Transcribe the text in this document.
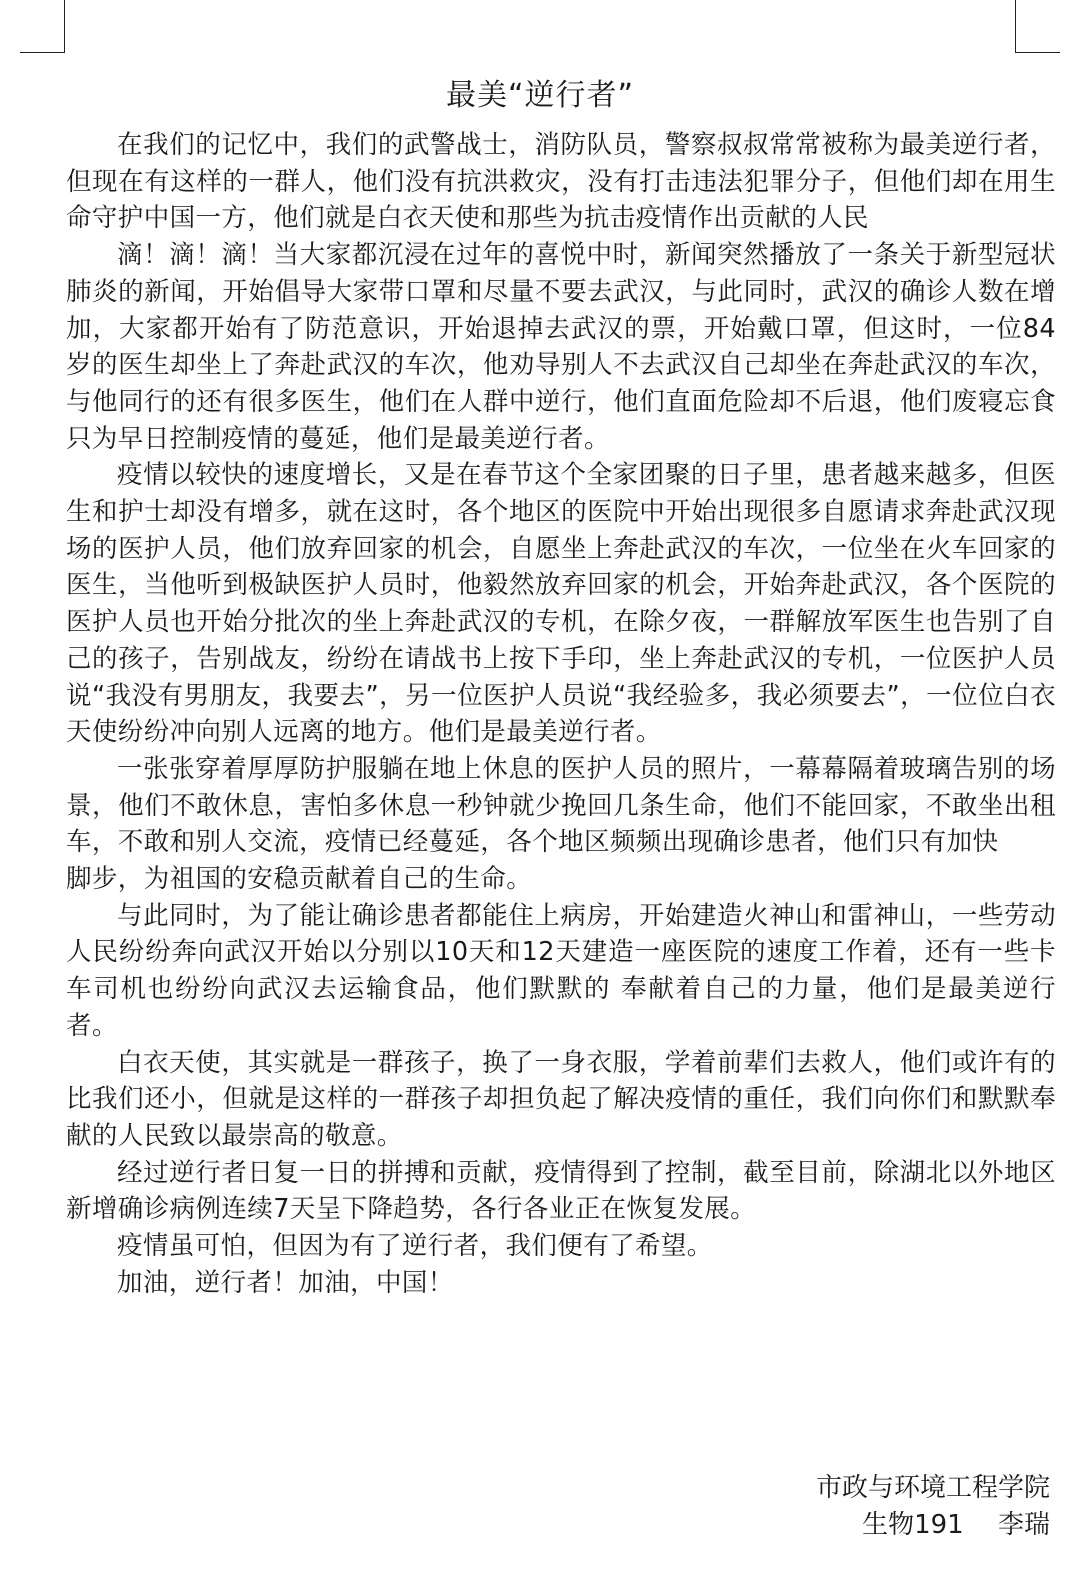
最美“逆行者”

在我们的记忆中，我们的武警战士，消防队员，警察叔叔常常被称为最美逆行者，但现在有这样的一群人，他们没有抗洪救灾，没有打击违法犯罪分子，但他们却在用生命守护中国一方，他们就是白衣天使和那些为抗击疫情作出贡献的人民

滴！滴！滴！当大家都沉浸在过年的喜悦中时，新闻突然播放了一条关于新型冠状肺炎的新闻，开始倡导大家带口罩和尽量不要去武汉，与此同时，武汉的确诊人数在增加，大家都开始有了防范意识，开始退掉去武汉的票，开始戴口罩，但这时，一位84岁的医生却坐上了奔赴武汉的车次，他劝导别人不去武汉自己却坐在奔赴武汉的车次，与他同行的还有很多医生，他们在人群中逆行，他们直面危险却不后退，他们废寝忘食只为早日控制疫情的蔓延，他们是最美逆行者。

疫情以较快的速度增长，又是在春节这个全家团聚的日子里，患者越来越多，但医生和护士却没有增多，就在这时，各个地区的医院中开始出现很多自愿请求奔赴武汉现场的医护人员，他们放弃回家的机会，自愿坐上奔赴武汉的车次，一位坐在火车回家的医生，当他听到极缺医护人员时，他毅然放弃回家的机会，开始奔赴武汉，各个医院的医护人员也开始分批次的坐上奔赴武汉的专机，在除夕夜，一群解放军医生也告别了自己的孩子，告别战友，纷纷在请战书上按下手印，坐上奔赴武汉的专机，一位医护人员说“我没有男朋友，我要去”，另一位医护人员说“我经验多，我必须要去”，一位位白衣天使纷纷冲向别人远离的地方。他们是最美逆行者。

一张张穿着厚厚防护服躺在地上休息的医护人员的照片，一幕幕隔着玻璃告别的场景，他们不敢休息，害怕多休息一秒钟就少挽回几条生命，他们不能回家，不敢坐出租车，不敢和别人交流，疫情已经蔓延，各个地区频频出现确诊患者，他们只有加快

脚步，为祖国的安稳贡献着自己的生命。

与此同时，为了能让确诊患者都能住上病房，开始建造火神山和雷神山，一些劳动人民纷纷奔向武汉开始以分别以10天和12天建造一座医院的速度工作着，还有一些卡车司机也纷纷向武汉去运输食品，他们默默的 奉献着自己的力量，他们是最美逆行者。

白衣天使，其实就是一群孩子，换了一身衣服，学着前辈们去救人，他们或许有的比我们还小，但就是这样的一群孩子却担负起了解决疫情的重任，我们向你们和默默奉献的人民致以最崇高的敬意。

经过逆行者日复一日的拼搏和贡献，疫情得到了控制，截至目前，除湖北以外地区新增确诊病例连续7天呈下降趋势，各行各业正在恢复发展。

疫情虽可怕，但因为有了逆行者，我们便有了希望。

加油，逆行者！加油，中国！

市政与环境工程学院
生物191　 李瑞
